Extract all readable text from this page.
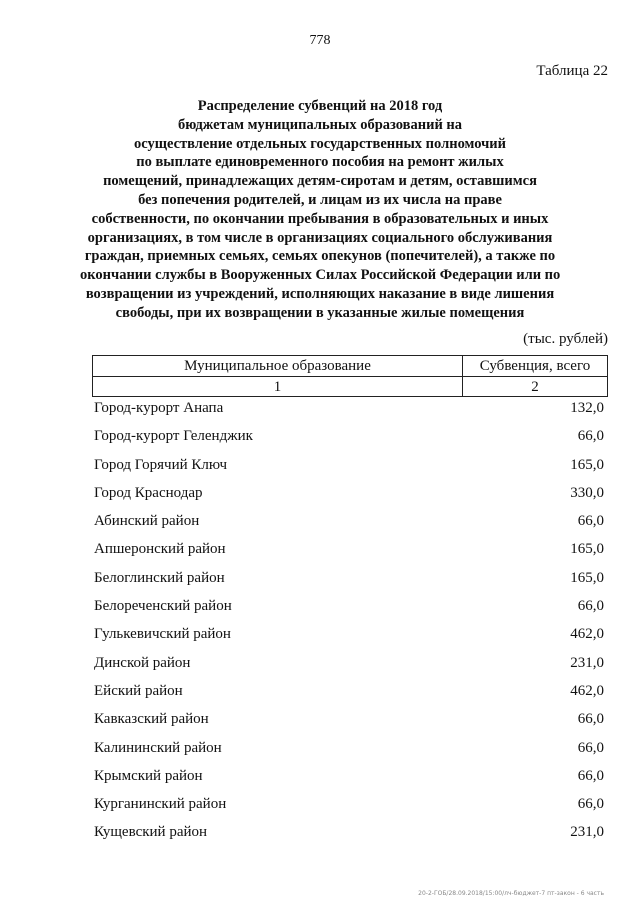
778
Таблица 22
Распределение субвенций на 2018 год
бюджетам муниципальных образований на
осуществление отдельных государственных полномочий
по выплате единовременного пособия на ремонт жилых
помещений, принадлежащих детям-сиротам и детям, оставшимся
без попечения родителей, и лицам из их числа на праве
собственности, по окончании пребывания в образовательных и иных
организациях, в том числе в организациях социального обслуживания
граждан, приемных семьях, семьях опекунов (попечителей), а также по
окончании службы в Вооруженных Силах Российской Федерации или по
возвращении из учреждений, исполняющих наказание в виде лишения
свободы, при их возвращении в указанные жилые помещения
(тыс. рублей)
Муниципальное образование	Субвенция, всего
1	2
Город-курорт Анапа	132,0
Город-курорт Геленджик	66,0
Город Горячий Ключ	165,0
Город Краснодар	330,0
Абинский район	66,0
Апшеронский район	165,0
Белоглинский район	165,0
Белореченский район	66,0
Гулькевичский район	462,0
Динской район	231,0
Ейский район	462,0
Кавказский район	66,0
Калининский район	66,0
Крымский район	66,0
Курганинский район	66,0
Кущевский район	231,0
20-2-ГОБ/28.09.2018/15:00/лч-бюджет-7 пт-закон - 6 часть
